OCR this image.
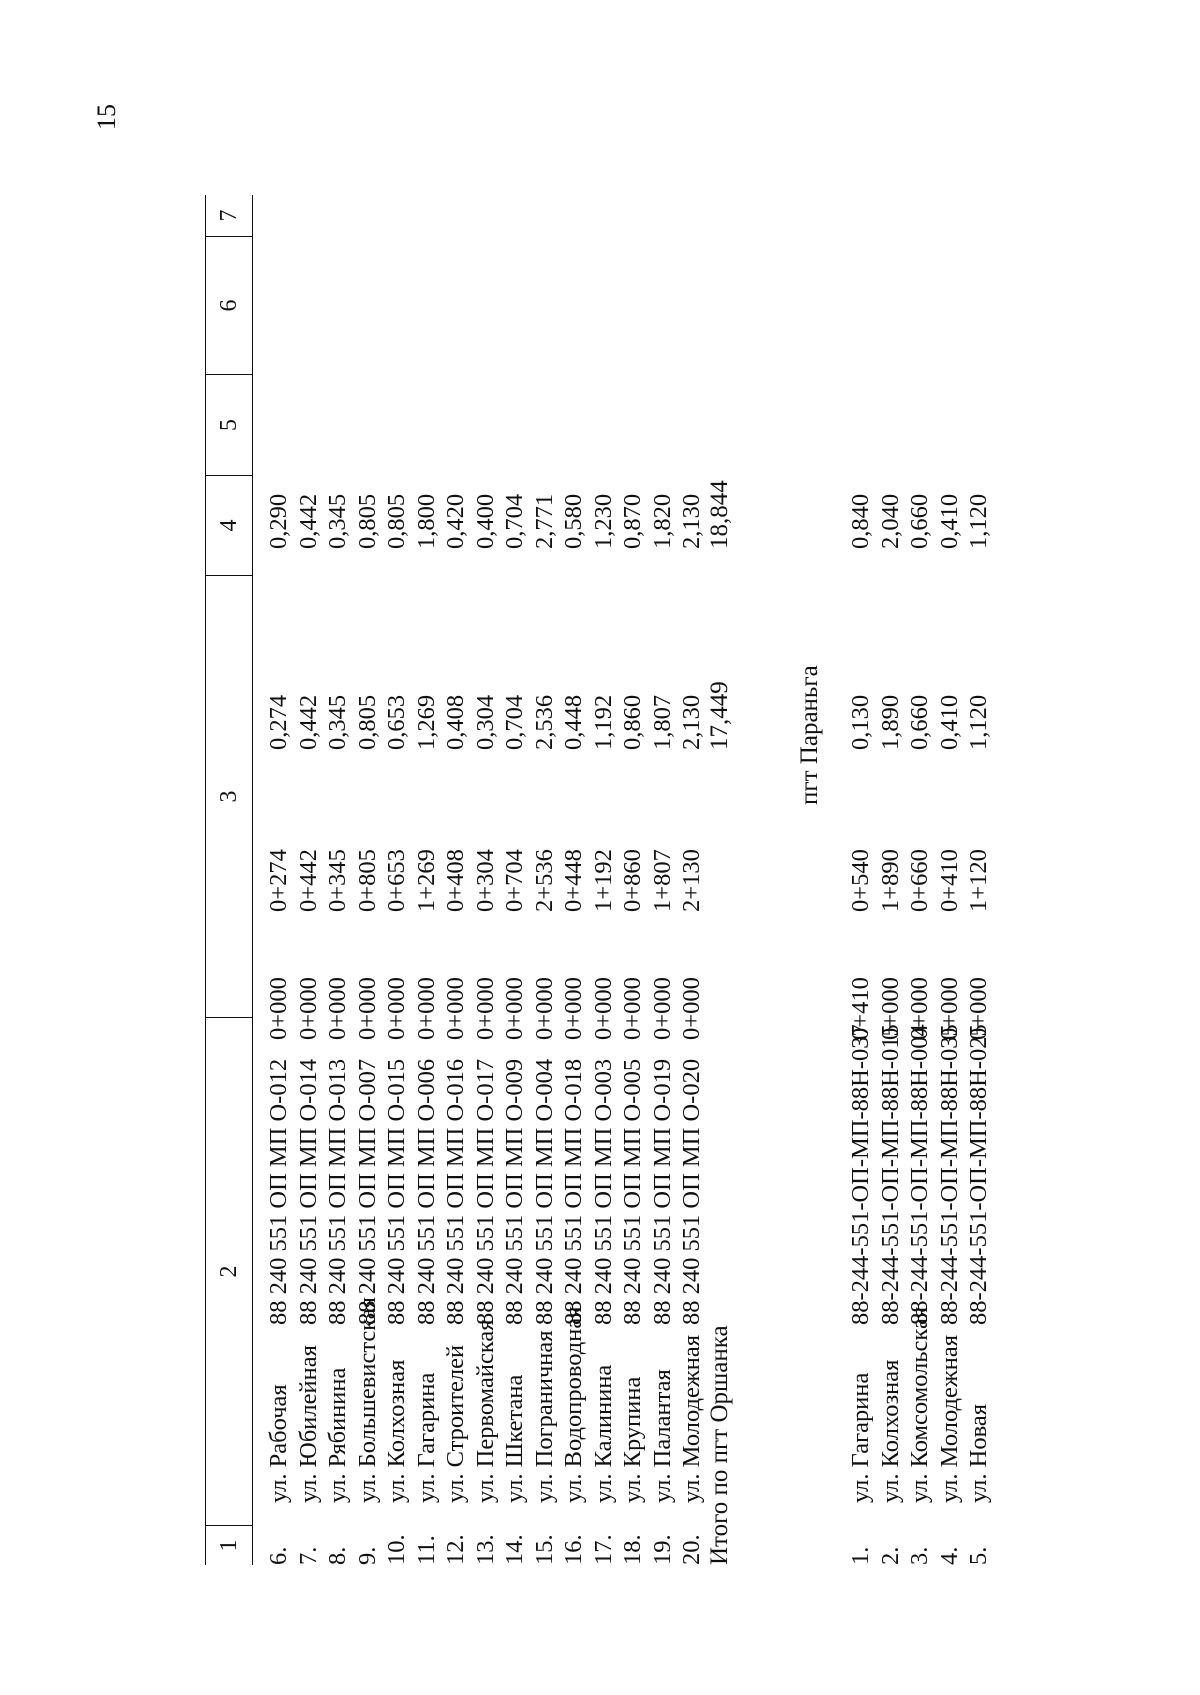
15
1
2
3
4
5
6
7
6.
ул. Рабочая
88 240 551 ОП МП О-012
0+000
0+274
0,290
0,274
7.
ул. Юбилейная
88 240 551 ОП МП О-014
0+000
0+442
0,442
0,442
8.
ул. Рябинина
88 240 551 ОП МП О-013
0+000
0+345
0,345
0,345
9.
ул. Большевистская
88 240 551 ОП МП О-007
0+000
0+805
0,805
0,805
10.
ул. Колхозная
88 240 551 ОП МП О-015
0+000
0+653
0,805
0,653
11.
ул. Гагарина
88 240 551 ОП МП О-006
0+000
1+269
1,800
1,269
12.
ул. Строителей
88 240 551 ОП МП О-016
0+000
0+408
0,420
0,408
13.
ул. Первомайская
88 240 551 ОП МП О-017
0+000
0+304
0,400
0,304
14.
ул. Шкетана
88 240 551 ОП МП О-009
0+000
0+704
0,704
0,704
15.
ул. Пограничная
88 240 551 ОП МП О-004
0+000
2+536
2,771
2,536
16.
ул. Водопроводная
88 240 551 ОП МП О-018
0+000
0+448
0,580
0,448
17.
ул. Калинина
88 240 551 ОП МП О-003
0+000
1+192
1,230
1,192
18.
ул. Крупина
88 240 551 ОП МП О-005
0+000
0+860
0,870
0,860
19.
ул. Палантая
88 240 551 ОП МП О-019
0+000
1+807
1,820
1,807
20.
ул. Молодежная
88 240 551 ОП МП О-020
0+000
2+130
2,130
2,130
Итого по пгт Оршанка
18,844
17,449	пгт Параньга
1.
ул. Гагарина
88-244-551-ОП-МП-88Н-037
0+410
0+540
0,840
0,130
2.
ул. Колхозная
88-244-551-ОП-МП-88Н-015
0+000
1+890
2,040
1,890
3.
ул. Комсомольская
88-244-551-ОП-МП-88Н-004
0+000
0+660
0,660
0,660
4.
ул. Молодежная
88-244-551-ОП-МП-88Н-035
0+000
0+410
0,410
0,410
5.
ул. Новая
88-244-551-ОП-МП-88Н-025
0+000
1+120
1,120
1,120
